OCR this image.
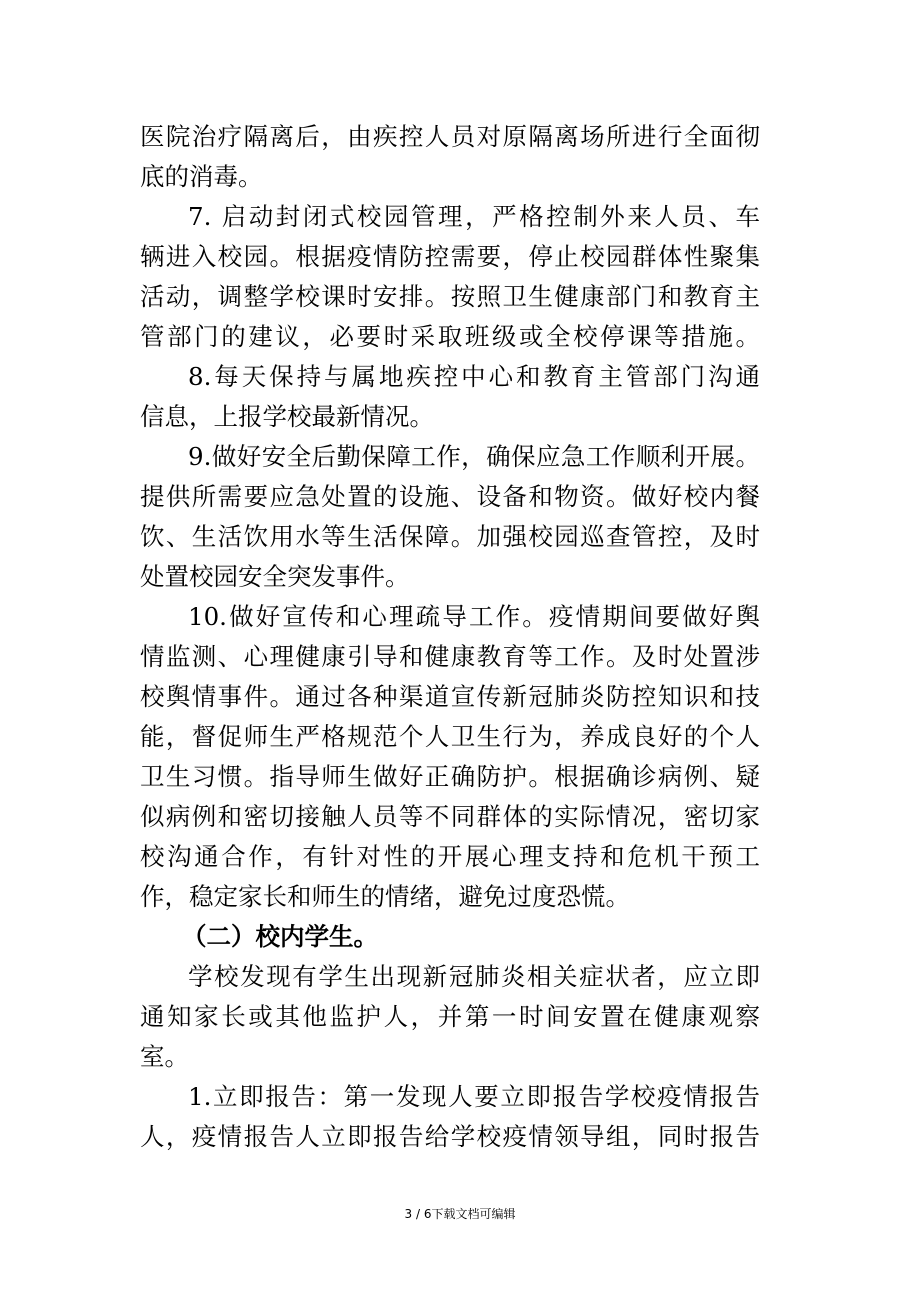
医院治疗隔离后，由疾控人员对原隔离场所进行全面彻
底的消毒。
7. 启动封闭式校园管理，严格控制外来人员、车
辆进入校园。根据疫情防控需要，停止校园群体性聚集
活动，调整学校课时安排。按照卫生健康部门和教育主
管部门的建议，必要时采取班级或全校停课等措施。
8.每天保持与属地疾控中心和教育主管部门沟通
信息，上报学校最新情况。
9.做好安全后勤保障工作，确保应急工作顺利开展。
提供所需要应急处置的设施、设备和物资。做好校内餐
饮、生活饮用水等生活保障。加强校园巡查管控，及时
处置校园安全突发事件。
10.做好宣传和心理疏导工作。疫情期间要做好舆
情监测、心理健康引导和健康教育等工作。及时处置涉
校舆情事件。通过各种渠道宣传新冠肺炎防控知识和技
能，督促师生严格规范个人卫生行为，养成良好的个人
卫生习惯。指导师生做好正确防护。根据确诊病例、疑
似病例和密切接触人员等不同群体的实际情况，密切家
校沟通合作，有针对性的开展心理支持和危机干预工
作，稳定家长和师生的情绪，避免过度恐慌。
（二）校内学生。
学校发现有学生出现新冠肺炎相关症状者，应立即
通知家长或其他监护人，并第一时间安置在健康观察
室。
1.立即报告：第一发现人要立即报告学校疫情报告
人，疫情报告人立即报告给学校疫情领导组，同时报告
3 / 6下载文档可编辑
